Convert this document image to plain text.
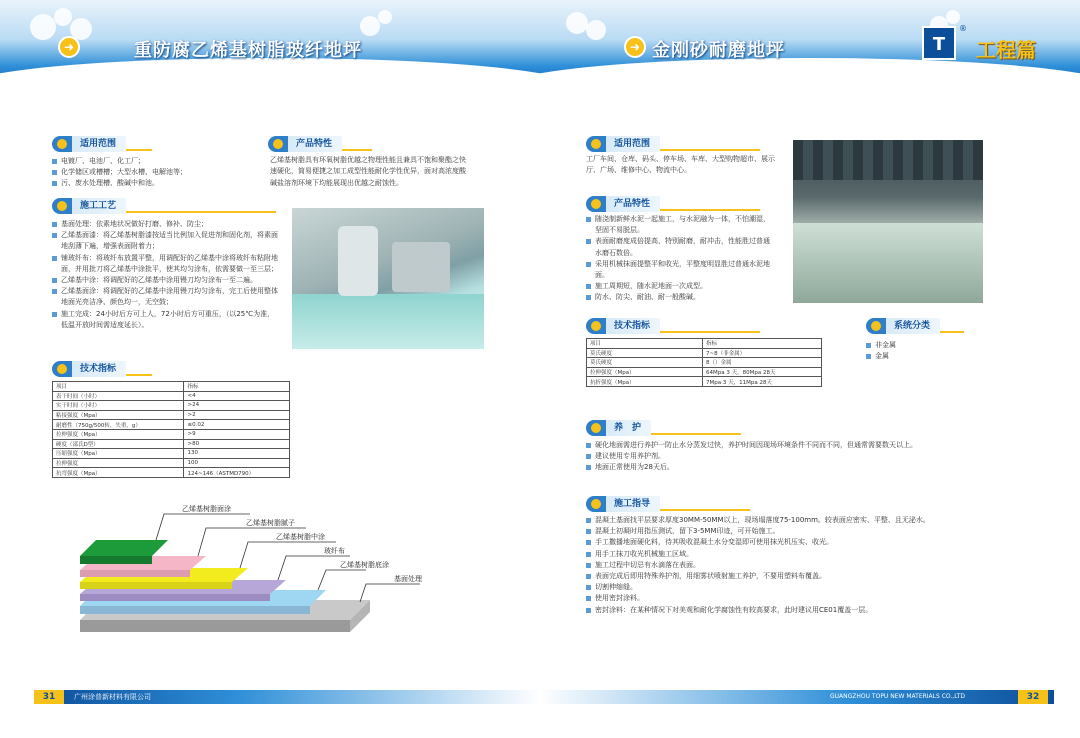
➜	重防腐乙烯基树脂玻纤地坪	➜ 金刚砂耐磨地坪	T
®
工程篇
适用范围
电镀厂、电池厂、化工厂；
化学储区或槽槽；大型水槽、电解池等；
污、废水处理槽、酸碱中和池。
产品特性
乙烯基树脂具有环氧树脂优越之物理性能且兼具不饱和聚酯之快速硬化，简易便捷之加工成型性能耐化学性优异，面对高浓度酸碱盐溶剂环境下均能展现出优越之耐蚀性。
施工工艺
基面处理：依素地状况做好打磨、修补、防尘；
乙烯基面漆：将乙烯基树脂漆按适当比例加入促进剂和固化剂，将素面地刮薄下遍，增强表面附着力；
铺玻纤布：将玻纤布放置平整，用调配好的乙烯基中涂将玻纤布粘附地面，并用批刀将乙烯基中涂批平，使其均匀涂布，依需要做一至三层；
乙烯基中涂：将调配好的乙烯基中涂用镘刀均匀涂布一至二遍。
乙烯基面涂：将调配好的乙烯基中涂用镘刀均匀涂布，完工后使用整体地面光亮洁净、颜色均一，无空鼓；
施工完成：24小时后方可上人，72小时后方可重压，（以25℃为准，低温开放时间需适度延长）。
技术指标
项目	指标
表干时间（小时）	<4
实干时间（小时）	>24
粘接强度（Mpa）	>2
耐磨性（750g/500转，失重，g）	≤0.02
拉伸强度（Mpa）	>9
硬度（邵氏D型）	>80
压缩强度（Mpa）	130
拉伸强度	100
抗弯强度（Mpa）	124~146（ASTMD790）
乙烯基树脂面涂
乙烯基树脂腻子
乙烯基树脂中涂
玻纤布
乙烯基树脂底涂
基面处理
适用范围
工厂车间、仓库、码头、停车场、车库、大型购物超市、展示厅、广场、维修中心、物流中心。
产品特性
随浇制新鲜水泥一起施工，与水泥融为一体，不怕潮湿，坚固不易脱层。
表面耐磨度成倍提高，特别耐磨，耐冲击，性能胜过普通水磨石数倍。
采用机械抹面提整平和收光，平整度明显胜过普通水泥地面。
施工周期短，随水泥地面一次成型。
防水、防尖、耐油、耐一般酸碱。
技术指标
项目	指标
莫氏硬度	7~8（非金属）
莫氏硬度	8（）金属
拉伸强度（Mpa）	64Mpa 3 天，80Mpa 28天
抗折强度（Mpa）	7Mpa 3 天，11Mpa 28天
系统分类
非金属
金属
养　护
硬化地面需进行养护一防止水分蒸发过快，养护时间因现场环境条件不同而不同，但通常需要数天以上。
建议使用专用养护剂。
地面正常使用为28天后。
施工指导
混凝土基面找平层要求厚度30MM-50MM以上，现场塌落度75-100mm。较表面应密实、平整、且无泌水。
混凝土初凝时用指压测试，留下3-5MM印迹，可开始施工。
手工撒播地面硬化料，待其吸收混凝土水分变湿即可使用抹光机压实、收光。
用手工抹刀收光机械施工区域。
施工过程中切忌有水滴落在表面。
表面完成后即用特殊养护剂，用细雾状喷射施工养护，不要用塑料布覆盖。
切割伸缩缝。
使用密封涂料。
密封涂料：在某种情况下对美观和耐化学腐蚀性有较高要求，此时建议用CE01覆盖一层。
31	广州涂普新材料有限公司	GUANGZHOU TOPU NEW MATERIALS CO.,LTD	32
